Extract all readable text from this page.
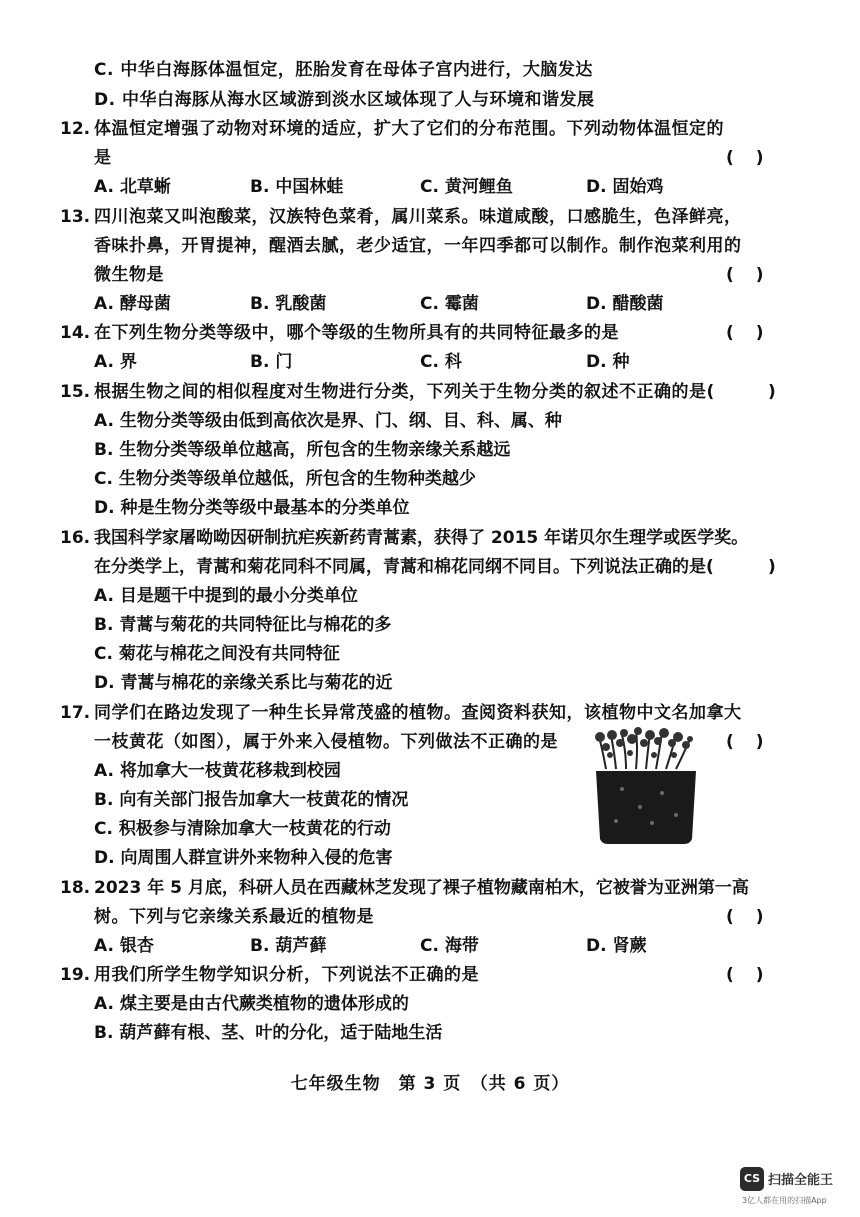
C. 中华白海豚体温恒定，胚胎发育在母体子宫内进行，大脑发达
D. 中华白海豚从海水区域游到淡水区域体现了人与环境和谐发展
12. 体温恒定增强了动物对环境的适应，扩大了它们的分布范围。下列动物体温恒定的
是	()
A. 北草蜥	B. 中国林蛙	C. 黄河鲤鱼	D. 固始鸡
13. 四川泡菜又叫泡酸菜，汉族特色菜肴，属川菜系。味道咸酸，口感脆生，色泽鲜亮，
香味扑鼻，开胃提神，醒酒去腻，老少适宜，一年四季都可以制作。制作泡菜利用的
微生物是	()
A. 酵母菌	B. 乳酸菌	C. 霉菌	D. 醋酸菌
14. 在下列生物分类等级中，哪个等级的生物所具有的共同特征最多的是	()
A. 界	B. 门	C. 科	D. 种
15. 根据生物之间的相似程度对生物进行分类，下列关于生物分类的叙述不正确的是(	)
A. 生物分类等级由低到高依次是界、门、纲、目、科、属、种
B. 生物分类等级单位越高，所包含的生物亲缘关系越远
C. 生物分类等级单位越低，所包含的生物种类越少
D. 种是生物分类等级中最基本的分类单位
16. 我国科学家屠呦呦因研制抗疟疾新药青蒿素，获得了 2015 年诺贝尔生理学或医学奖。
在分类学上，青蒿和菊花同科不同属，青蒿和棉花同纲不同目。下列说法正确的是(	)
A. 目是题干中提到的最小分类单位
B. 青蒿与菊花的共同特征比与棉花的多
C. 菊花与棉花之间没有共同特征
D. 青蒿与棉花的亲缘关系比与菊花的近
17. 同学们在路边发现了一种生长异常茂盛的植物。查阅资料获知，该植物中文名加拿大
一枝黄花（如图），属于外来入侵植物。下列做法不正确的是	()
A. 将加拿大一枝黄花移栽到校园
B. 向有关部门报告加拿大一枝黄花的情况
C. 积极参与清除加拿大一枝黄花的行动
D. 向周围人群宣讲外来物种入侵的危害
18. 2023 年 5 月底，科研人员在西藏林芝发现了裸子植物藏南柏木，它被誉为亚洲第一高
树。下列与它亲缘关系最近的植物是	()
A. 银杏	B. 葫芦藓	C. 海带	D. 肾蕨
19. 用我们所学生物学知识分析，下列说法不正确的是	()
A. 煤主要是由古代蕨类植物的遗体形成的
B. 葫芦藓有根、茎、叶的分化，适于陆地生活
七年级生物　第 3 页　（共 6 页）
CS 扫描全能王
3亿人都在用的扫描App
